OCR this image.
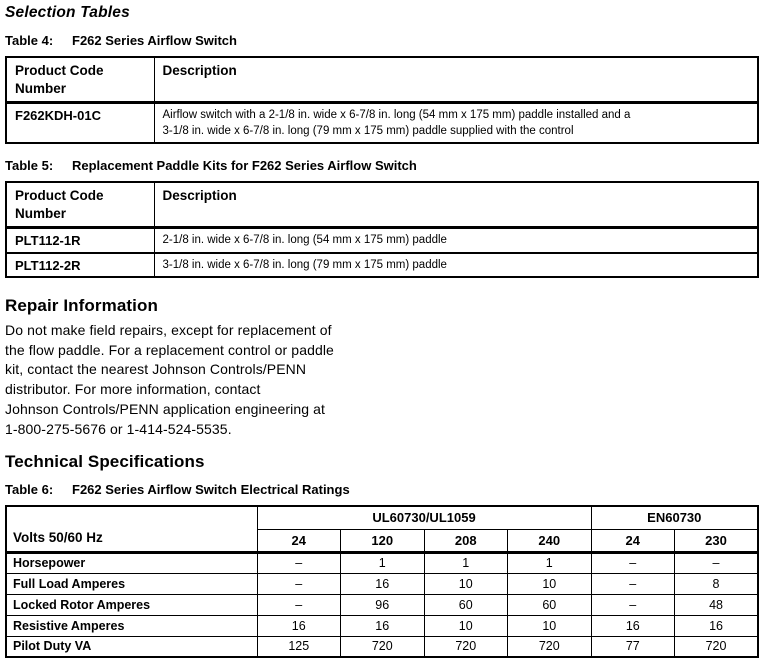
Selection Tables
Table 4: F262 Series Airflow Switch
Product Code Number	Description
F262KDH-01C	Airflow switch with a 2-1/8 in. wide x 6-7/8 in. long (54 mm x 175 mm) paddle installed and a
3-1/8 in. wide x 6-7/8 in. long (79 mm x 175 mm) paddle supplied with the control
Table 5: Replacement Paddle Kits for F262 Series Airflow Switch
Product Code Number	Description
PLT112-1R	2-1/8 in. wide x 6-7/8 in. long (54 mm x 175 mm) paddle
PLT112-2R	3-1/8 in. wide x 6-7/8 in. long (79 mm x 175 mm) paddle
Repair Information
Do not make field repairs, except for replacement of
the flow paddle. For a replacement control or paddle
kit, contact the nearest Johnson Controls/PENN
distributor. For more information, contact
Johnson Controls/PENN application engineering at
1-800-275-5676 or 1-414-524-5535.
Technical Specifications
Table 6: F262 Series Airflow Switch Electrical Ratings
Volts 50/60 Hz	UL60730/UL1059				EN60730	
	24	120	208	240	24	230
Horsepower	–	1	1	1	–	–
Full Load Amperes	–	16	10	10	–	8
Locked Rotor Amperes	–	96	60	60	–	48
Resistive Amperes	16	16	10	10	16	16
Pilot Duty VA	125	720	720	720	77	720
